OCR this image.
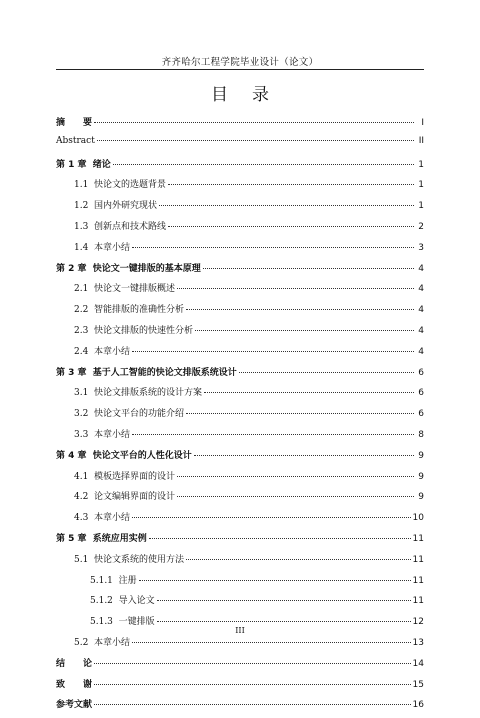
齐齐哈尔工程学院毕业设计（论文）
目录
摘　　要	I
Abstract	II
第 1 章  绪论	1
1.1  快论文的选题背景	1
1.2  国内外研究现状	1
1.3  创新点和技术路线	2
1.4  本章小结	3
第 2 章  快论文一键排版的基本原理	4
2.1  快论文一键排版概述	4
2.2  智能排版的准确性分析	4
2.3  快论文排版的快速性分析	4
2.4  本章小结	4
第 3 章  基于人工智能的快论文排版系统设计	6
3.1  快论文排版系统的设计方案	6
3.2  快论文平台的功能介绍	6
3.3  本章小结	8
第 4 章  快论文平台的人性化设计	9
4.1  模板选择界面的设计	9
4.2  论文编辑界面的设计	9
4.3  本章小结	10
第 5 章  系统应用实例	11
5.1  快论文系统的使用方法	11
5.1.1  注册	11
5.1.2  导入论文	11
5.1.3  一键排版	12
5.2  本章小结	13
结　　论	14
致　　谢	15
参考文献	16
III
